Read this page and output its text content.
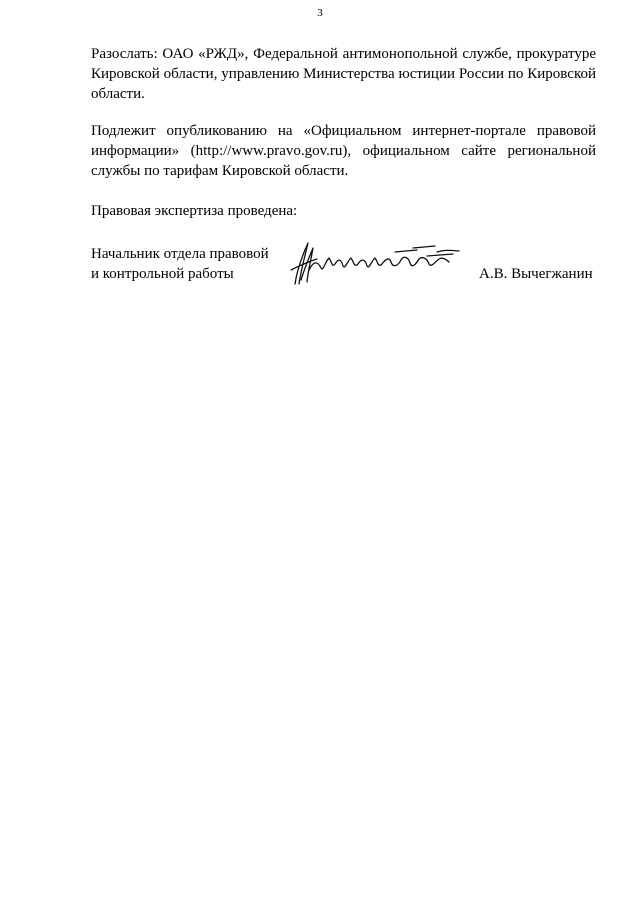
3

Разослать: ОАО «РЖД», Федеральной антимонопольной службе, прокуратуре Кировской области, управлению Министерства юстиции России по Кировской области.

Подлежит опубликованию на «Официальном интернет-портале правовой информации» (http://www.pravo.gov.ru), официальном сайте региональной службы по тарифам Кировской области.

Правовая экспертиза проведена:

Начальник отдела правовой
и контрольной работы	А.В. Вычегжанин
